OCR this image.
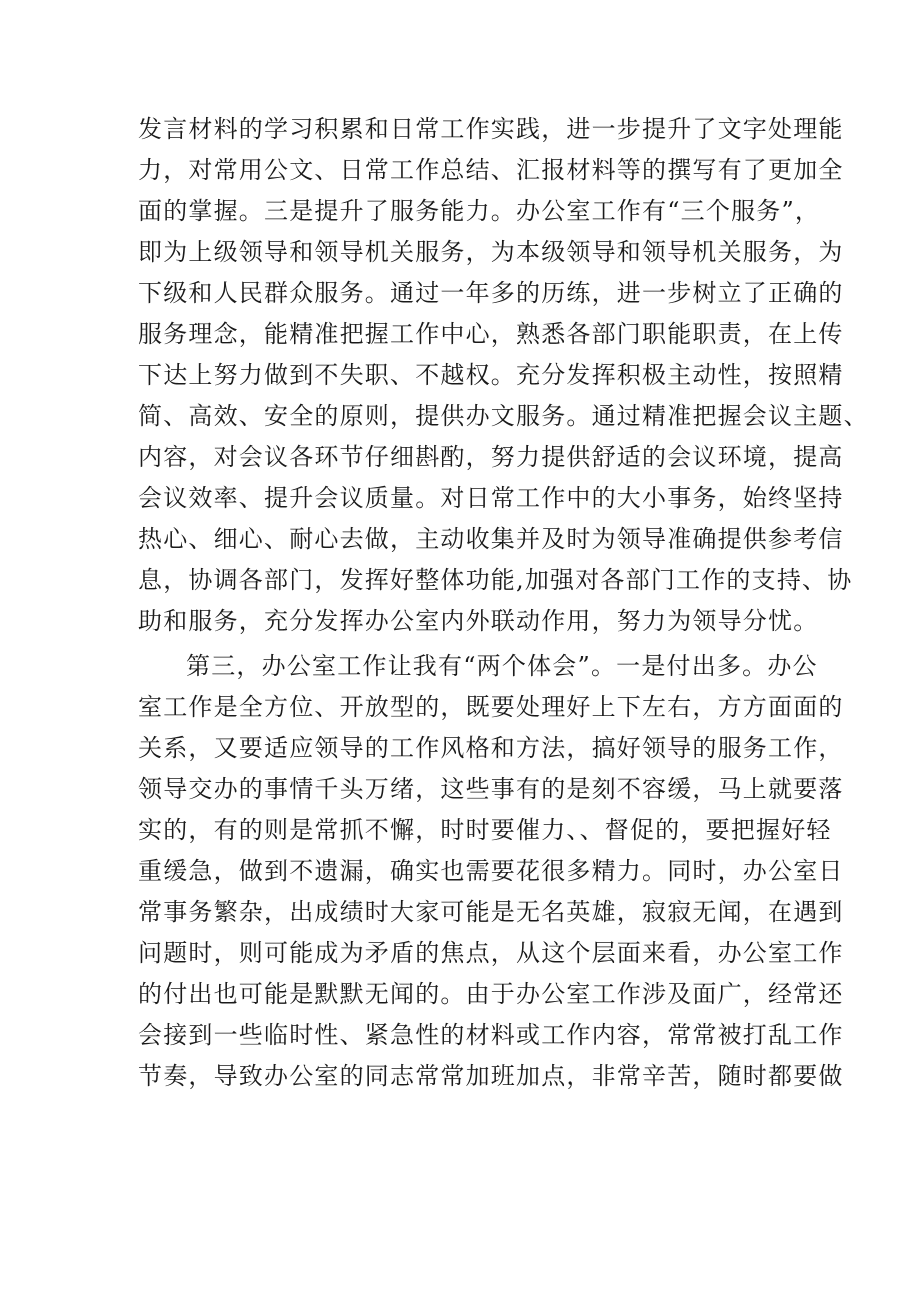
发言材料的学习积累和日常工作实践，进一步提升了文字处理能
力，对常用公文、日常工作总结、汇报材料等的撰写有了更加全
面的掌握。三是提升了服务能力。办公室工作有“三个服务”，
即为上级领导和领导机关服务，为本级领导和领导机关服务，为
下级和人民群众服务。通过一年多的历练，进一步树立了正确的
服务理念，能精准把握工作中心，熟悉各部门职能职责，在上传
下达上努力做到不失职、不越权。充分发挥积极主动性，按照精
简、高效、安全的原则，提供办文服务。通过精准把握会议主题、
内容，对会议各环节仔细斟酌，努力提供舒适的会议环境，提高
会议效率、提升会议质量。对日常工作中的大小事务，始终坚持
热心、细心、耐心去做，主动收集并及时为领导准确提供参考信
息，协调各部门，发挥好整体功能,加强对各部门工作的支持、协
助和服务，充分发挥办公室内外联动作用，努力为领导分忧。
第三，办公室工作让我有“两个体会”。一是付出多。办公
室工作是全方位、开放型的，既要处理好上下左右，方方面面的
关系，又要适应领导的工作风格和方法，搞好领导的服务工作，
领导交办的事情千头万绪，这些事有的是刻不容缓，马上就要落
实的，有的则是常抓不懈，时时要催力、、督促的，要把握好轻
重缓急，做到不遗漏，确实也需要花很多精力。同时，办公室日
常事务繁杂，出成绩时大家可能是无名英雄，寂寂无闻，在遇到
问题时，则可能成为矛盾的焦点，从这个层面来看，办公室工作
的付出也可能是默默无闻的。由于办公室工作涉及面广，经常还
会接到一些临时性、紧急性的材料或工作内容，常常被打乱工作
节奏，导致办公室的同志常常加班加点，非常辛苦，随时都要做
